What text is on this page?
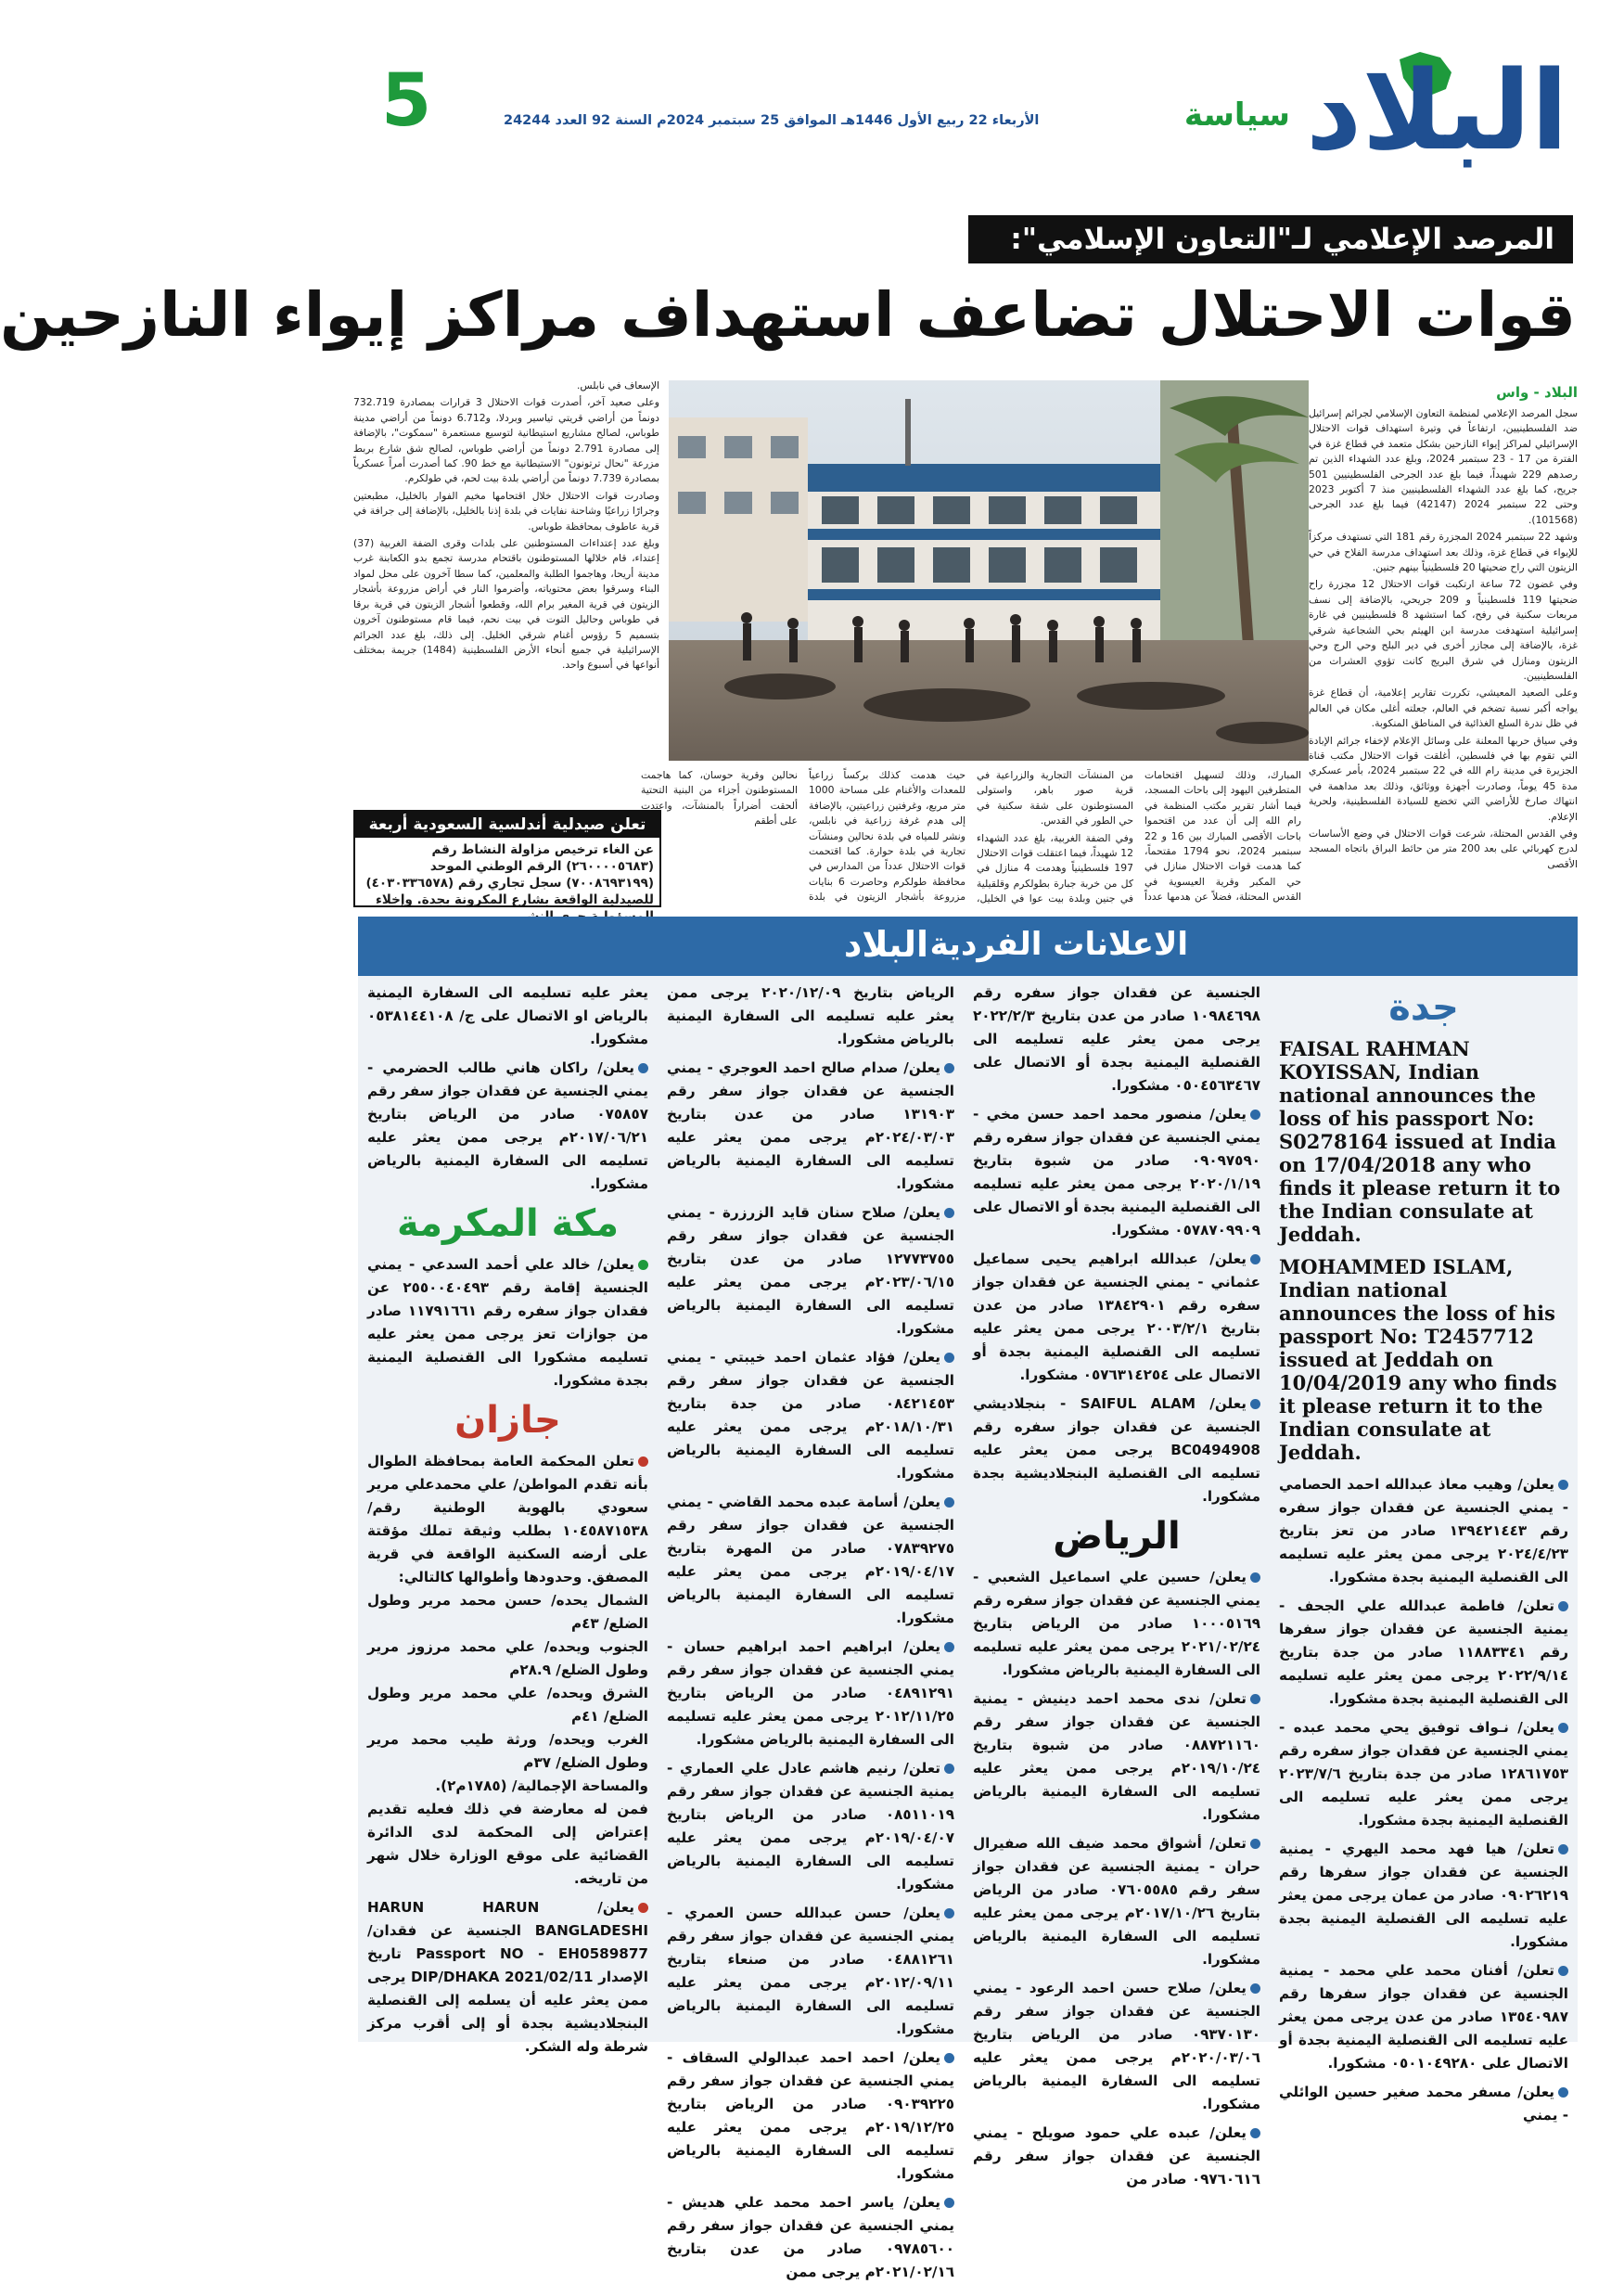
البلاد
سياسة
الأربعاء 22 ربيع الأول 1446هـ الموافق 25 سبتمبر 2024م السنة 92 العدد 24244
5
المرصد الإعلامي لـ"التعاون الإسلامي":
قوات الاحتلال تضاعف استهداف مراكز إيواء النازحين
البلاد - واس

سجل المرصد الإعلامي لمنظمة التعاون الإسلامي لجرائم إسرائيل ضد الفلسطينيين، ارتفاعاً في وتيرة استهداف قوات الاحتلال الإسرائيلي لمراكز إيواء النازحين بشكل متعمد في قطاع غزة في الفترة من 17 - 23 سبتمبر 2024، وبلغ عدد الشهداء الذين تم رصدهم 229 شهيداً، فيما بلغ عدد الجرحى الفلسطينيين 501 جريح، كما بلغ عدد الشهداء الفلسطينيين منذ 7 أكتوبر 2023 وحتى 22 سبتمبر 2024 (42147) فيما بلغ عدد الجرحى (101568).

وشهد 22 سبتمبر 2024 المجزرة رقم 181 التي تستهدف مركزاً للإيواء في قطاع غزة، وذلك بعد استهداف مدرسة الفلاح في حي الزيتون التي راح ضحيتها 20 فلسطينياً بينهم جنين.

وفي غضون 72 ساعة ارتكبت قوات الاحتلال 12 مجزرة راح ضحيتها 119 فلسطينياً و 209 جريحي، بالإضافة إلى نسف مربعات سكنية في رفح، كما استشهد 8 فلسطينيين في غارة إسرائيلية استهدفت مدرسة ابن الهيثم بحي الشجاعية شرقي غزة، بالإضافة إلى مجازر أخرى في دير البلح وحي الرج وحي الزيتون ومنازل في شرق البريج كانت تؤوي العشرات من الفلسطينيين.

وعلى الصعيد المعيشي، تكررت تقارير إعلامية، أن قطاع غزة يواجه أكبر نسبة تضخم في العالم، جعلته أغلى مكان في العالم في ظل ندرة السلع الغذائية في المناطق المنكوبة.

وفي سياق حربها المعلنة على وسائل الإعلام لإخفاء جرائم الإبادة التي تقوم بها في فلسطين، أغلقت قوات الاحتلال مكتب قناة الجزيرة في مدينة رام الله في 22 سبتمبر 2024، بأمر عسكري مدة 45 يوماً، وصادرت أجهزة ووثائق، وذلك بعد مداهمة في انتهاك صارخ للأراضي التي تخضع للسيادة الفلسطينية، ولحرية الإعلام.

وفي القدس المحتلة، شرعت قوات الاحتلال في وضع الأساسات لدرج كهربائي على بعد 200 متر من حائط البراق باتجاه المسجد الأقصى

المبارك، وذلك لتسهيل اقتحامات المتطرفين اليهود إلى باحات المسجد، فيما أشار تقرير مكتب المنظمة في رام الله إلى أن عدد من اقتحموا باحات الأقصى المبارك بين 16 و 22 سبتمبر 2024، نحو 1794 مقتحماً، كما هدمت قوات الاحتلال منازل في حي المكبر وقرية العيسوية في القدس المحتلة، فضلاً عن هدمها عدداً من المنشآت التجارية والزراعية في قرية صور باهر، واستولى المستوطنون على شقة سكنية في حي الطور في القدس.

وفي الضفة الغربية، بلغ عدد الشهداء 12 شهيداً، فيما اعتقلت قوات الاحتلال 197 فلسطينياً وهدمت 4 منازل في كل من خربة جبارة بطولكرم وقلقيلية في جنين وبلدة بيت عوا في الخليل، حيث هدمت كذلك بركساً زراعياً للمعدات والأغنام على مساحة 1000 متر مربع، وغرفتين زراعيتين، بالإضافة إلى هدم غرفة زراعية في نابلس، ونشر للمياه في بلدة نحالين ومنشآت تجارية في بلدة حوارة. كما اقتحمت قوات الاحتلال عدداً من المدارس في محافظة طولكرم وحاصرت 6 بنايات مزروعة بأشجار الزيتون في بلدة نحالين وقرية حوسان، كما هاجمت المستوطنون أجزاء من البنية التحتية ألحقت أضراراً بالمنشآت، واعتدت على أطقم

الإسعاف في نابلس.

وعلى صعيد آخر، أصدرت قوات الاحتلال 3 قرارات بمصادرة 732.719 دونماً من أراضي قريتي تياسير وبردلا، و6.712 دونماً من أراضي مدينة طوباس، لصالح مشاريع استيطانية لتوسيع مستعمرة "سمكوت"، بالإضافة إلى مصادرة 2.791 دونماً من أراضي طوباس، لصالح شق شارع بربط مزرعة "نحال ترتونون" الاستيطانية مع خط 90. كما أصدرت أمراً عسكرياً بمصادرة 7.739 دونماً من أراضي بلدة بيت لحم، في طولكرم.

وصادرت قوات الاحتلال خلال اقتحامها مخيم الفوار بالخليل، مطبعتين وجرارًا زراعيًا وشاحنة نفايات في بلدة إذنا بالخليل، بالإضافة إلى جرافة في قرية عاطوف بمحافظة طوباس.

وبلغ عدد إعتداءات المستوطنين على بلدات وقرى الضفة الغربية (37) إعتداء، قام خلالها المستوطنون باقتحام مدرسة تجمع بدو الكعابنة غرب مدينة أريحا، وهاجموا الطلبة والمعلمين، كما سطا آخرون على محل لمواد البناء وسرقوا بعض محتوياته، وأضرموا النار في أراض مزروعة بأشجار الزيتون في قرية المغير برام الله، وقطعوا أشجار الزيتون في قرية برقا في طوباس وحاليل التوت في بيت نحم، فيما قام مستوطنون آخرون بتسميم 5 رؤوس أغنام شرقي الخليل. إلى ذلك، بلغ عدد الجرائم الإسرائيلية في جميع أنحاء الأرض الفلسطينية (1484) جريمة بمختلف أنواعها في أسبوع واحد.

تعلن صيدلية أندلسية السعودية أربعة
عن الغاء ترخيص مزاولة النشاط رقم (٢٦٠٠٠٠٥٦٨٣) الرقم الوطني الموحد (٧٠٠٨٦٩٣١٩٩) سجل تجاري رقم (٤٠٣٠٣٣٦٥٧٨) للصيدلية الواقعة بشارع المكرونة بجدة. وإخلاء
الاعلانات الفردية
البلاد
جدة
FAISAL RAHMAN KOYISSAN, Indian national announces the loss of his passport No: S0278164 issued at India on 17/04/2018 any who finds it please return it to the Indian consulate at Jeddah.
MOHAMMED ISLAM, Indian national announces the loss of his passport No: T2457712 issued at Jeddah on 10/04/2019 any who finds it please return it to the Indian consulate at Jeddah.
يعلن/ وهيب معاذ عبدالله احمد الحصامي - يمني الجنسية عن فقدان جواز سفره رقم ١٣٩٤٢١٤٤٣ صادر من تعز بتاريخ ٢٠٢٤/٤/٢٣ يرجى ممن يعثر عليه تسليمه الى القنصلية اليمنية بجدة مشكورا.
تعلن/ فاطمة عبدالله علي الجحف - يمنية الجنسية عن فقدان جواز سفرها رقم ١١٨٨٣٣٤١ صادر من جدة بتاريخ ٢٠٢٢/٩/١٤ يرجى ممن يعثر عليه تسليمه الى القنصلية اليمنية بجدة مشكورا.
يعلن/ نـواف توفيق يحي محمد عبده - يمني الجنسية عن فقدان جواز سفره رقم ١٢٨٦١٧٥٣ صادر من جدة بتاريخ ٢٠٢٣/٧/٦ يرجى ممن يعثر عليه تسليمه الى القنصلية اليمنية بجدة مشكورا.
تعلن/ هيا فهد محمد اليهري - يمنية الجنسية عن فقدان جواز سفرها رقم ٠٩٠٢٦٢١٩ صادر من عمان يرجى ممن يعثر عليه تسليمه الى القنصلية اليمنية بجدة مشكورا.
تعلن/ أفنان محمد علي محمد - يمنية الجنسية عن فقدان جواز سفرها رقم ١٣٥٤٠٩٨٧ صادر من عدن يرجى ممن يعثر عليه تسليمه الى القنصلية اليمنية بجدة أو الاتصال على ٠٥٠١٠٤٩٢٨٠ مشكورا.
يعلن/ مسفر محمد صغير حسين الوائلي - يمني
الجنسية عن فقدان جواز سفره رقم ١٠٩٨٤٦٩٨ صادر من عدن بتاريخ ٢٠٢٢/٢/٣ يرجى ممن يعثر عليه تسليمه الى القنصلية اليمنية بجدة أو الاتصال على ٠٥٠٤٥٦٣٤٦٧ مشكورا.
يعلن/ منصور محمد احمد حسن مخي - يمني الجنسية عن فقدان جواز سفره رقم ٠٩٠٩٧٥٩٠ صادر من شبوة بتاريخ ٢٠٢٠/١/١٩ يرجى ممن يعثر عليه تسليمه الى القنصلية اليمنية بجدة أو الاتصال على ٠٥٧٨٧٠٩٩٠٩ مشكورا.
يعلن/ عبدالله ابراهيم يحيى سماعيل عثماني - يمني الجنسية عن فقدان جواز سفره رقم ١٣٨٤٢٩٠١ صادر من عدن بتاريخ ٢٠٠٣/٢/١ يرجى ممن يعثر عليه تسليمه الى القنصلية اليمنية بجدة أو الاتصال على ٠٥٧٦٣١٤٢٥٤ مشكورا.
يعلن/ SAIFUL ALAM - بنجلاديشي الجنسية عن فقدان جواز سفره رقم BC0494908 يرجى ممن يعثر عليه تسليمه الى القنصلية البنجلاديشية بجدة مشكورا.
الرياض
يعلن/ حسين علي اسماعيل الشعبي - يمني الجنسية عن فقدان جواز سفره رقم ١٠٠٠٥١٦٩ صادر من الرياض بتاريخ ٢٠٢١/٠٢/٢٤ يرجى ممن يعثر عليه تسليمه الى السفارة اليمنية بالرياض مشكورا.
تعلن/ ندى محمد احمد دينيش - يمنية الجنسية عن فقدان جواز سفر رقم ٠٨٨٧٢١١٦٠ صادر من شبوة بتاريخ ٢٠١٩/١٠/٢٤م يرجى ممن يعثر عليه تسليمه الى السفارة اليمنية بالرياض مشكورا.
تعلن/ أشواق محمد ضيف الله صفيرال حران - يمنية الجنسية عن فقدان جواز سفر رقم ٠٧٦٠٥٥٨٥ صادر من الرياض بتاريخ ٢٠١٧/١٠/٢٦م يرجى ممن يعثر عليه تسليمه الى السفارة اليمنية بالرياض مشكورا.
يعلن/ صلاح حسن احمد الرعود - يمني الجنسية عن فقدان جواز سفر رقم ٠٩٣٧٠١٣٠ صادر من الرياض بتاريخ ٢٠٢٠/٠٣/٠٦م يرجى ممن يعثر عليه تسليمه الى السفارة اليمنية بالرياض مشكورا.
يعلن/ عبده علي حمود صويلح - يمني الجنسية عن فقدان جواز سفر رقم ٠٩٧٦٠٦١٦ صادر من
الرياض بتاريخ ٢٠٢٠/١٢/٠٩ يرجى ممن يعثر عليه تسليمه الى السفارة اليمنية بالرياض مشكورا.
يعلن/ صدام صالح احمد العوجري - يمني الجنسية عن فقدان جواز سفر رقم ١٣١٩٠٣ صادر من عدن بتاريخ ٢٠٢٤/٠٣/٠٣م يرجى ممن يعثر عليه تسليمه الى السفارة اليمنية بالرياض مشكورا.
يعلن/ صلاح سنان قايد الزرزرة - يمني الجنسية عن فقدان جواز سفر رقم ١٢٧٧٣٧٥٥ صادر من عدن بتاريخ ٢٠٢٣/٠٦/١٥م يرجى ممن يعثر عليه تسليمه الى السفارة اليمنية بالرياض مشكورا.
يعلن/ فؤاد عثمان احمد خيبتي - يمني الجنسية عن فقدان جواز سفر رقم ٠٨٤٢١٤٥٣ صادر من جدة بتاريخ ٢٠١٨/١٠/٣١م يرجى ممن يعثر عليه تسليمه الى السفارة اليمنية بالرياض مشكورا.
يعلن/ أسامة عبده محمد القاضي - يمني الجنسية عن فقدان جواز سفر رقم ٠٧٨٣٩٢٧٥ صادر من المهرة بتاريخ ٢٠١٩/٠٤/١٧م يرجى ممن يعثر عليه تسليمه الى السفارة اليمنية بالرياض مشكورا.
يعلن/ ابراهيم احمد ابراهيم حسان - يمني الجنسية عن فقدان جواز سفر رقم ٠٤٨٩١٢٩١ صادر من الرياض بتاريخ ٢٠١٢/١١/٢٥ يرجى ممن يعثر عليه تسليمه الى السفارة اليمنية بالرياض مشكورا.
تعلن/ رنيم هاشم عادل علي العماري - يمنية الجنسية عن فقدان جواز سفر رقم ٠٨٥١١٠١٩ صادر من الرياض بتاريخ ٢٠١٩/٠٤/٠٧م يرجى ممن يعثر عليه تسليمه الى السفارة اليمنية بالرياض مشكورا.
يعلن/ حسن عبدالله حسن العمري - يمني الجنسية عن فقدان جواز سفر رقم ٠٤٨٨١٢٦١ صادر من صنعاء بتاريخ ٢٠١٢/٠٩/١١م يرجى ممن يعثر عليه تسليمه الى السفارة اليمنية بالرياض مشكورا.
يعلن/ احمد احمد عبدالولي السقاف - يمني الجنسية عن فقدان جواز سفر رقم ٠٩٠٣٩٢٢٥ صادر من الرياض بتاريخ ٢٠١٩/١٢/٢٥م يرجى ممن يعثر عليه تسليمه الى السفارة اليمنية بالرياض مشكورا.
يعلن/ ياسر احمد محمد علي هديش - يمني الجنسية عن فقدان جواز سفر رقم ٠٩٧٨٥٦٠٠ صادر من عدن بتاريخ ٢٠٢١/٠٢/١٦م يرجى ممن
يعثر عليه تسليمه الى السفارة اليمنية بالرياض او الاتصال على ج/ ٠٥٣٨١٤٤١٠٨ مشكورا.
يعلن/ راكان هاني طالب الحضرمي - يمني الجنسية عن فقدان جواز سفر رقم ٠٧٥٨٥٧ صادر من الرياض بتاريخ ٢٠١٧/٠٦/٢١م يرجى ممن يعثر عليه تسليمه الى السفارة اليمنية بالرياض مشكورا.
مكة المكرمة
يعلن/ خالد علي أحمد السدعي - يمني الجنسية إقامة رقم ٢٥٥٠٠٤٠٤٩٣ عن فقدان جواز سفره رقم ١١٧٩١٦٦١ صادر من جوازات تعز يرجى ممن يعثر عليه تسليمه مشكورا الى القنصلية اليمنية بجدة مشكورا.
جازان
تعلن المحكمة العامة بمحافظة الطوال بأنه تقدم المواطن/ علي محمدعلي مرير سعودي بالهوية الوطنية رقم/ ١٠٤٥٨٧١٥٣٨ بطلب وثيقة تملك مؤقتة على أرضه السكنية الواقعة في قرية المصفق. وحدودها وأطوالها كالتالي:
الشمال يحده/ حسن محمد مرير وطول الضلع/ ٤٣م
الجنوب ويحده/ علي محمد مرزوز مرير وطول الضلع/ ٢٨.٩م
الشرق ويحده/ علي محمد مرير وطول الضلع/ ٤١م
الغرب ويحده/ ورثة طيب محمد مرير وطول الضلع/ ٣٧م
والمساحة الإجمالية/ (١٧٨٥م٢).
فمن له معارضة في ذلك فعليه تقديم إعتراض إلى المحكمة لدى الدائرة القضائية على موقع الوزارة خلال شهر من تاريخه.
يعلن/ HARUN HARUN BANGLADESHI الجنسية عن فقدان/ Passport NO - EH0589877 تاريخ الإصدار DIP/DHAKA 2021/02/11 يرجى ممن يعثر عليه أن يسلمه إلى القنصلية البنجلاديشية بجدة أو إلى أقرب مركز شرطة وله الشكر.
